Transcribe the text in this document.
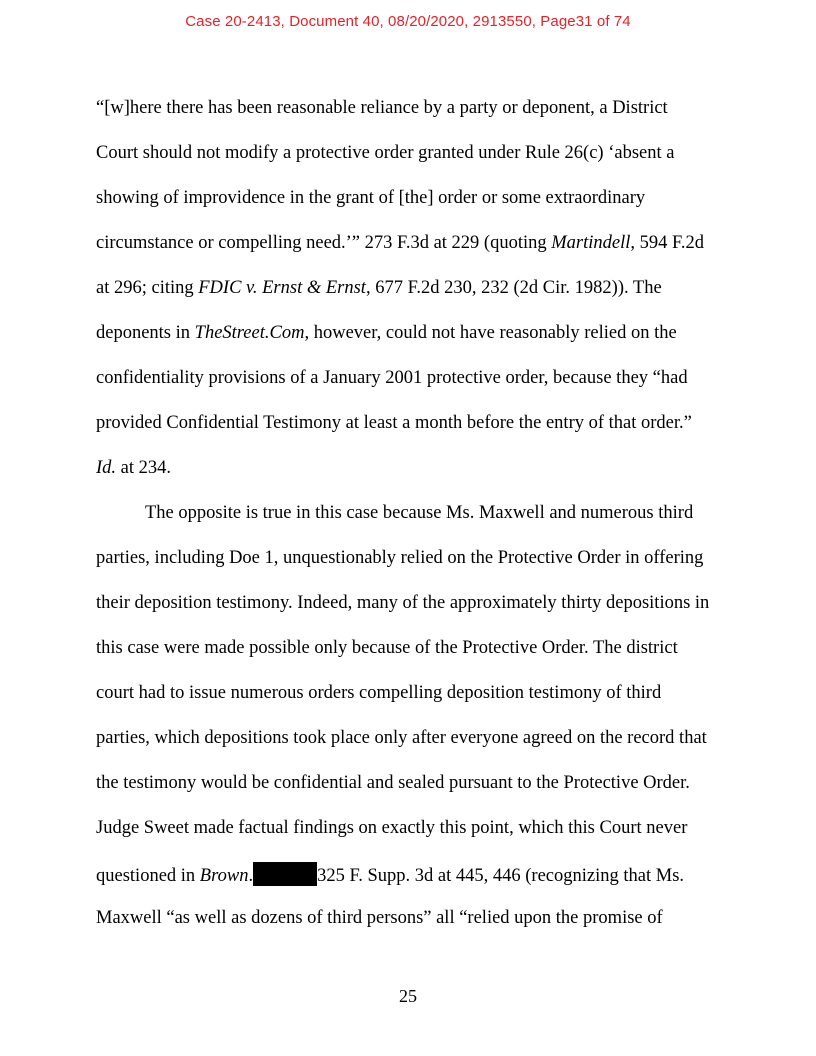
Case 20-2413, Document 40, 08/20/2020, 2913550, Page31 of 74
“[w]here there has been reasonable reliance by a party or deponent, a District
Court should not modify a protective order granted under Rule 26(c) ‘absent a
showing of improvidence in the grant of [the] order or some extraordinary
circumstance or compelling need.’” 273 F.3d at 229 (quoting Martindell, 594 F.2d
at 296; citing FDIC v. Ernst & Ernst, 677 F.2d 230, 232 (2d Cir. 1982)). The
deponents in TheStreet.Com, however, could not have reasonably relied on the
confidentiality provisions of a January 2001 protective order, because they “had
provided Confidential Testimony at least a month before the entry of that order.”
Id. at 234.
The opposite is true in this case because Ms. Maxwell and numerous third
parties, including Doe 1, unquestionably relied on the Protective Order in offering
their deposition testimony. Indeed, many of the approximately thirty depositions in
this case were made possible only because of the Protective Order. The district
court had to issue numerous orders compelling deposition testimony of third
parties, which depositions took place only after everyone agreed on the record that
the testimony would be confidential and sealed pursuant to the Protective Order.
Judge Sweet made factual findings on exactly this point, which this Court never
questioned in Brown.	325 F. Supp. 3d at 445, 446 (recognizing that Ms.
Maxwell “as well as dozens of third persons” all “relied upon the promise of
25
